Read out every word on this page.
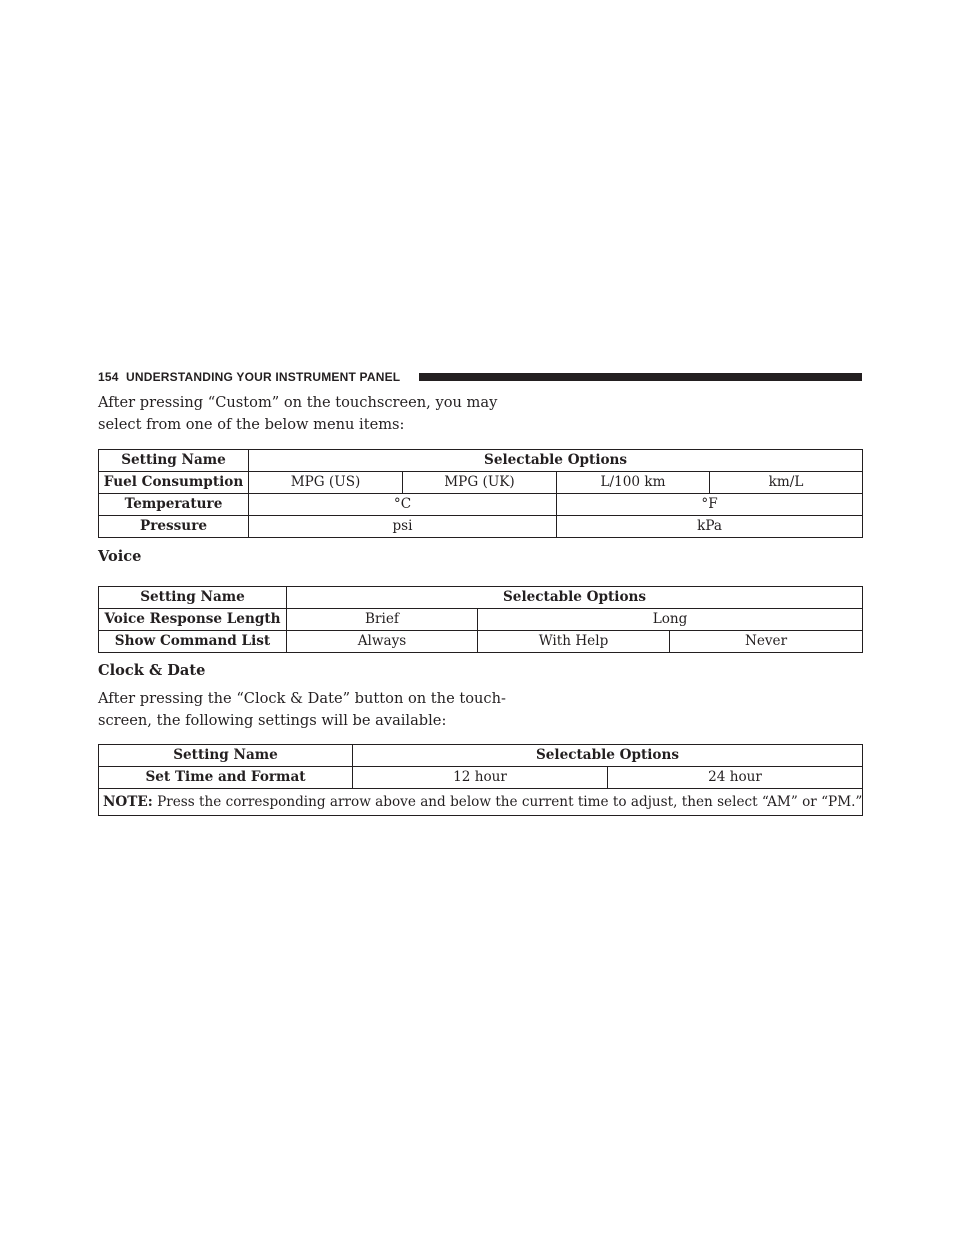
154 UNDERSTANDING YOUR INSTRUMENT PANEL
After pressing “Custom” on the touchscreen, you may select from one of the below menu items:
Setting Name	Selectable Options			
Fuel Consumption	MPG (US)	MPG (UK)	L/100 km	km/L
Temperature	°C		°F	
Pressure	psi		kPa	
Voice
Setting Name	Selectable Options		
Voice Response Length	Brief	Long	
Show Command List	Always	With Help	Never
Clock & Date
After pressing the “Clock & Date” button on the touch-screen, the following settings will be available:
Setting Name	Selectable Options	
Set Time and Format	12 hour	24 hour
NOTE: Press the corresponding arrow above and below the current time to adjust, then select “AM” or “PM.”		
